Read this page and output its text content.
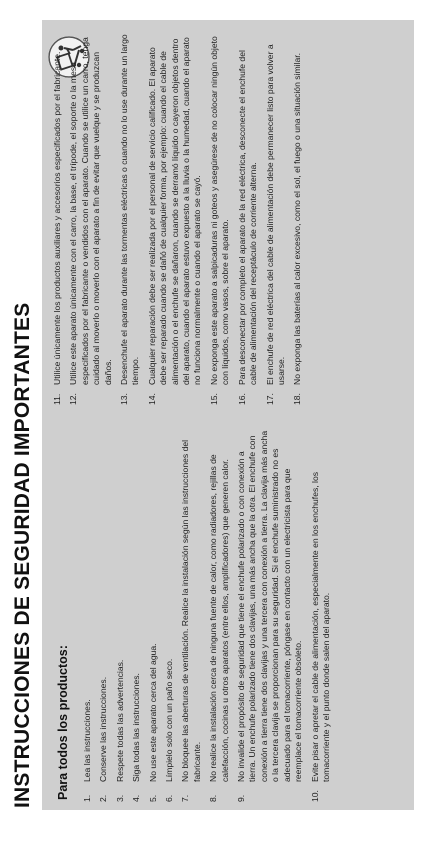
INSTRUCCIONES DE SEGURIDAD IMPORTANTES	Para todos los productos: 1.
Lea las instrucciones.
2.
Conserve las instrucciones.
3.
Respete todas las advertencias.
4.
Siga todas las instrucciones.
5.
No use este aparato cerca del agua.
6.
Límpielo solo con un paño seco.
7.
No bloquee las aberturas de ventilación. Realice la instalación según las instrucciones del fabricante.
8.
No realice la instalación cerca de ninguna fuente de calor, como radiadores, rejillas de calefacción, cocinas u otros aparatos (entre ellos, amplificadores) que generen calor.
9.
No invalide el propósito de seguridad que tiene el enchufe polarizado o con conexión a tierra. Un enchufe polarizado tiene dos clavijas, una más ancha que la otra. El enchufe con conexión a tierra tiene dos clavijas y una tercera con conexión a tierra. La clavija más ancha o la tercera clavija se proporcionan para su seguridad. Si el enchufe suministrado no es adecuado para el tomacorriente, póngase en contacto con un electricista para que reemplace el tomacorriente obsoleto.
10.
Evite pisar o apretar el cable de alimentación, especialmente en los enchufes, los tomacorriente y el punto donde salen del aparato.
11.
Utilice únicamente los productos auxiliares y accesorios especificados por el fabricante.
12.
Utilice este aparato únicamente con el carro, la base, el trípode, el soporte o la mesa especificados por el fabricante o vendidos con el aparato. Cuando se utilice un carro, tenga cuidado al moverlo o moverlo con el aparato a fin de evitar que vuelque y se produzcan daños.
13.
Desenchufe el aparato durante las tormentas eléctricas o cuando no lo use durante un largo tiempo.
14.
Cualquier reparación debe ser realizada por el personal de servicio calificado. El aparato debe ser reparado cuando se dañó de cualquier forma, por ejemplo: cuando el cable de alimentación o el enchufe se dañaron, cuando se derramó líquido o cayeron objetos dentro del aparato, cuando el aparato estuvo expuesto a la lluvia o la humedad, cuando el aparato no funciona normalmente o cuando el aparato se cayó.
15.
No exponga este aparato a salpicaduras ni goteos y asegúrese de no colocar ningún objeto con líquidos, como vasos, sobre el aparato.
16.
Para desconectar por completo el aparato de la red eléctrica, desconecte el enchufe del cable de alimentación del receptáculo de corriente alterna.
17.
El enchufe de red eléctrica del cable de alimentación debe permanecer listo para volver a usarse.
18.
No exponga las baterías al calor excesivo, como el sol, el fuego o una situación similar.
